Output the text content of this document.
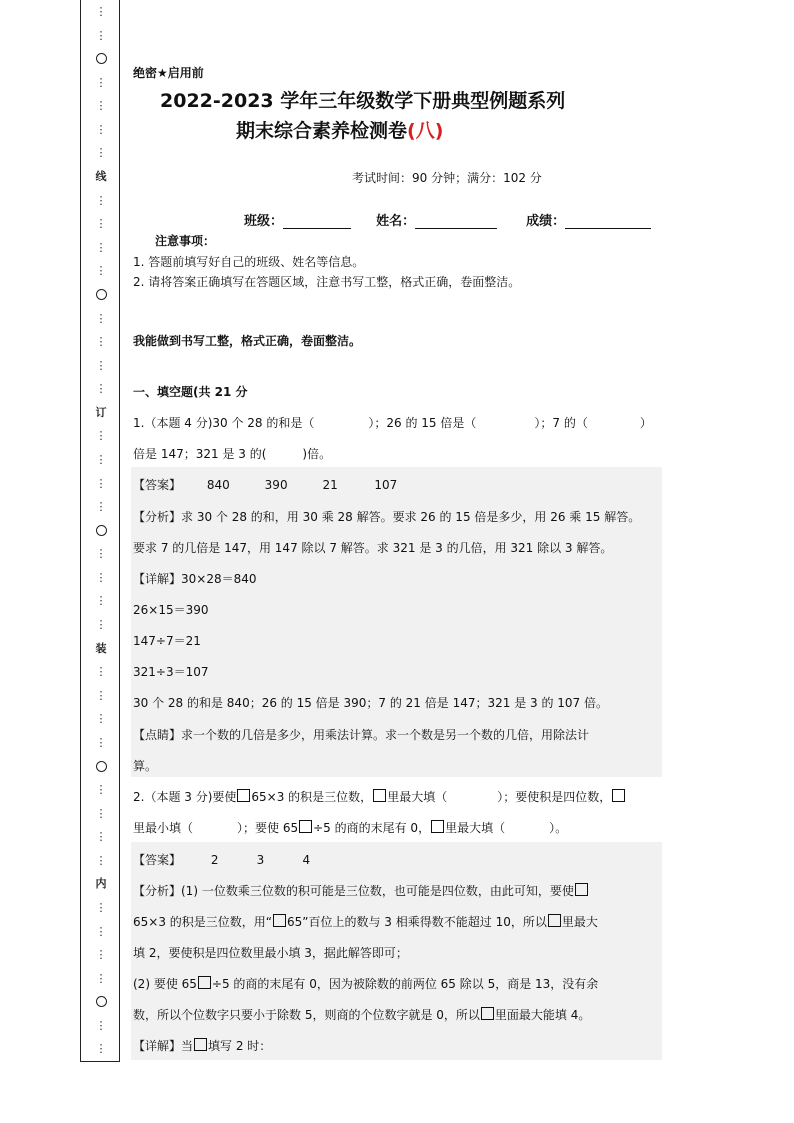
⋮
⋮
⋮
⋮
⋮
⋮
线
⋮
⋮
⋮
⋮
⋮
⋮
⋮
⋮
订
⋮
⋮
⋮
⋮
⋮
⋮
⋮
⋮
装
⋮
⋮
⋮
⋮
⋮
⋮
⋮
⋮
内
⋮
⋮
⋮
⋮
⋮
⋮
绝密★启用前
2022-2023 学年三年级数学下册典型例题系列
期末综合素养检测卷(八)
考试时间：90 分钟；满分：102 分
班级：	姓名：	成绩：
注意事项：
1. 答题前填写好自己的班级、姓名等信息。
2. 请将答案正确填写在答题区域，注意书写工整，格式正确，卷面整洁。
我能做到书写工整，格式正确，卷面整洁。
一、填空题(共 21 分
1.（本题 4 分)30 个 28 的和是（	）；26 的 15 倍是（	）；7 的（	）
倍是 147；321 是 3 的(	)倍。
【答案】 840	390	21	107
【分析】求 30 个 28 的和，用 30 乘 28 解答。要求 26 的 15 倍是多少，用 26 乘 15 解答。
要求 7 的几倍是 147，用 147 除以 7 解答。求 321 是 3 的几倍，用 321 除以 3 解答。
【详解】30×28＝840
26×15＝390
147÷7＝21
321÷3＝107
30 个 28 的和是 840；26 的 15 倍是 390；7 的 21 倍是 147；321 是 3 的 107 倍。
【点睛】求一个数的几倍是多少，用乘法计算。求一个数是另一个数的几倍，用除法计
算。
2.（本题 3 分)要使 65×3 的积是三位数， 里最大填（	）；要使积是四位数，
里最小填（	）；要使 65 ÷5 的商的末尾有 0， 里最大填（	）。
【答案】 2	3	4
【分析】(1) 一位数乘三位数的积可能是三位数，也可能是四位数，由此可知，要使
65×3 的积是三位数，用“ 65”百位上的数与 3 相乘得数不能超过 10，所以 里最大
填 2，要使积是四位数里最小填 3，据此解答即可；
(2) 要使 65 ÷5 的商的末尾有 0，因为被除数的前两位 65 除以 5，商是 13，没有余
数，所以个位数字只要小于除数 5，则商的个位数字就是 0，所以 里面最大能填 4。
【详解】当 填写 2 时：
